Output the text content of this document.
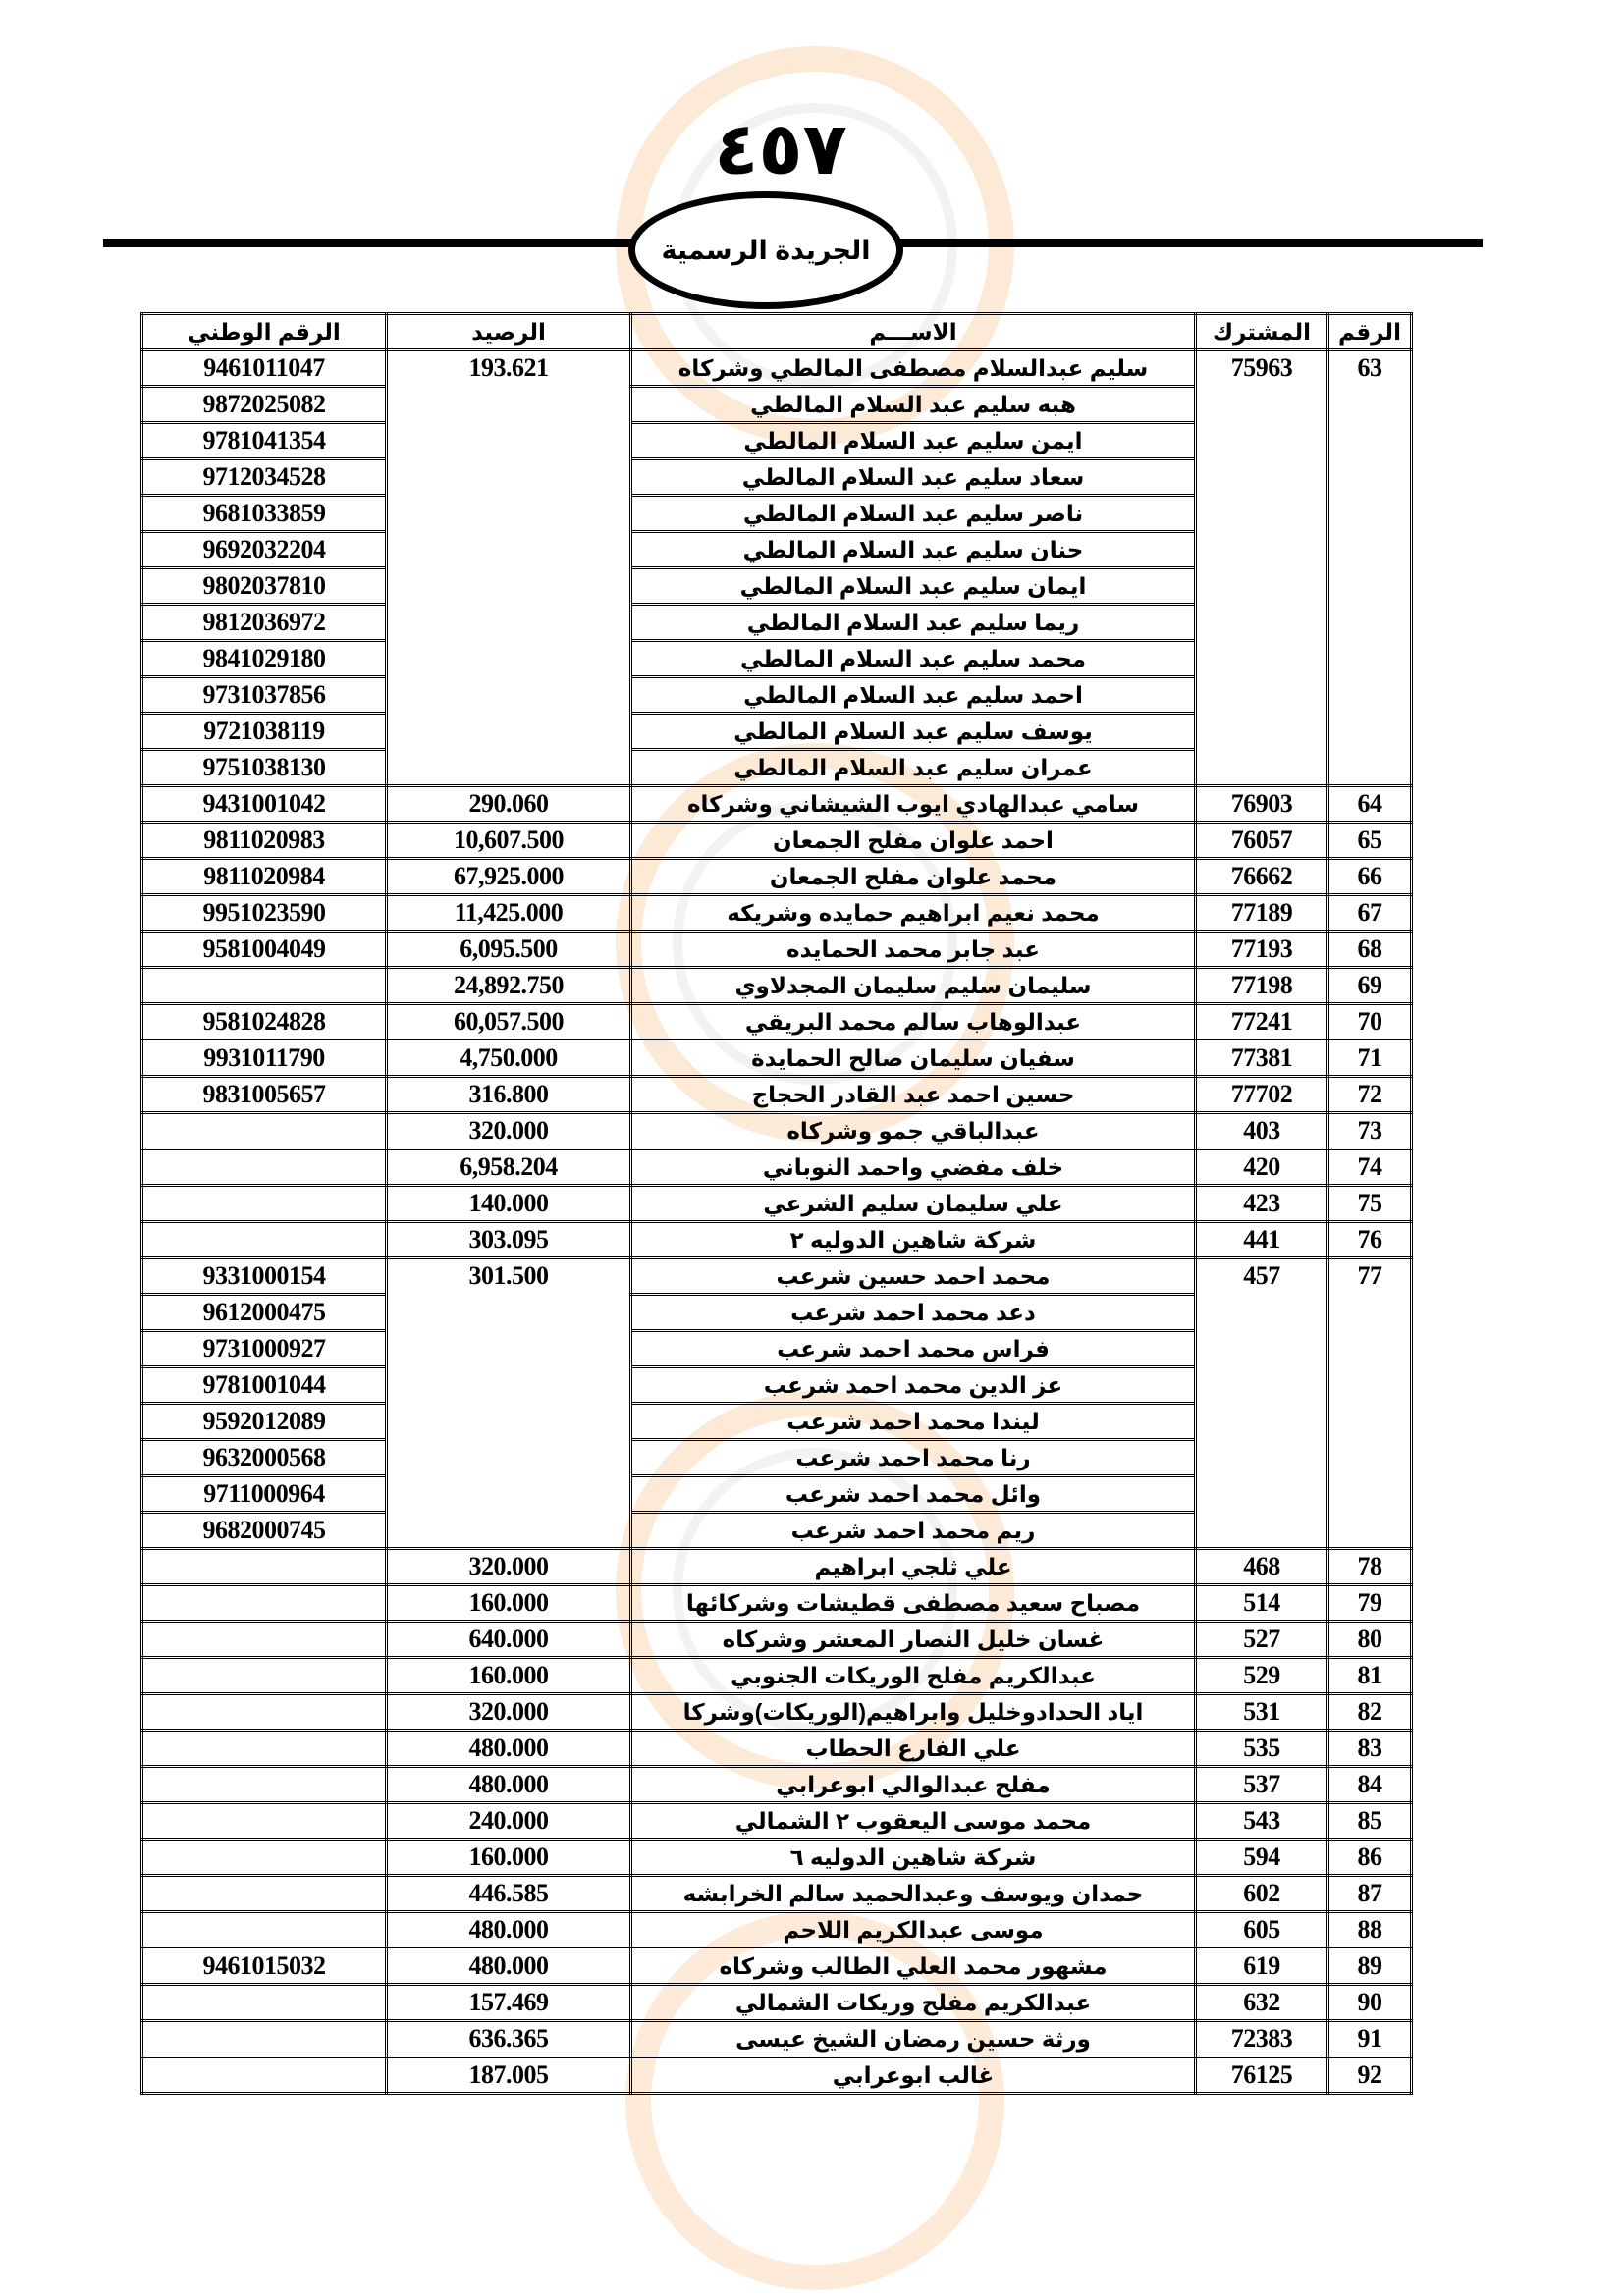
٤٥٧
الجريدة الرسمية
الرقم	المشترك	الاســـم	الرصيد	الرقم الوطني
63	75963	سليم عبدالسلام مصطفى المالطي وشركاه	193.621	9461011047
		هبه سليم عبد السلام المالطي		9872025082
		ايمن سليم عبد السلام المالطي		9781041354
		سعاد سليم عبد السلام المالطي		9712034528
		ناصر سليم عبد السلام المالطي		9681033859
		حنان سليم عبد السلام المالطي		9692032204
		ايمان سليم عبد السلام المالطي		9802037810
		ريما سليم عبد السلام المالطي		9812036972
		محمد سليم عبد السلام المالطي		9841029180
		احمد سليم عبد السلام المالطي		9731037856
		يوسف سليم عبد السلام المالطي		9721038119
		عمران سليم عبد السلام المالطي		9751038130
64	76903	سامي عبدالهادي ايوب الشيشاني وشركاه	290.060	9431001042
65	76057	احمد علوان مفلح الجمعان	10,607.500	9811020983
66	76662	محمد علوان مفلح الجمعان	67,925.000	9811020984
67	77189	محمد نعيم ابراهيم حمايده وشريكه	11,425.000	9951023590
68	77193	عبد جابر محمد الحمايده	6,095.500	9581004049
69	77198	سليمان سليم سليمان المجدلاوي	24,892.750	
70	77241	عبدالوهاب سالم محمد البريقي	60,057.500	9581024828
71	77381	سفيان سليمان صالح الحمايدة	4,750.000	9931011790
72	77702	حسين احمد عبد القادر الحجاج	316.800	9831005657
73	403	عبدالباقي جمو وشركاه	320.000	
74	420	خلف مفضي واحمد النوباني	6,958.204	
75	423	علي سليمان سليم الشرعي	140.000	
76	441	شركة شاهين الدوليه ٢	303.095	
77	457	محمد احمد حسين شرعب	301.500	9331000154
		دعد محمد احمد شرعب		9612000475
		فراس محمد احمد شرعب		9731000927
		عز الدين محمد احمد شرعب		9781001044
		ليندا محمد احمد شرعب		9592012089
		رنا محمد احمد شرعب		9632000568
		وائل محمد احمد شرعب		9711000964
		ريم محمد احمد شرعب		9682000745
78	468	علي ثلجي ابراهيم	320.000	
79	514	مصباح سعيد مصطفى قطيشات وشركائها	160.000	
80	527	غسان خليل النصار المعشر وشركاه	640.000	
81	529	عبدالكريم مفلح الوريكات الجنوبي	160.000	
82	531	اياد الحدادوخليل وابراهيم(الوريكات)وشركا	320.000	
83	535	علي الفارع الحطاب	480.000	
84	537	مفلح عبدالوالي ابوعرابي	480.000	
85	543	محمد موسى اليعقوب ٢ الشمالي	240.000	
86	594	شركة شاهين الدوليه ٦	160.000	
87	602	حمدان ويوسف وعبدالحميد سالم الخرابشه	446.585	
88	605	موسى عبدالكريم اللاحم	480.000	
89	619	مشهور محمد العلي الطالب وشركاه	480.000	9461015032
90	632	عبدالكريم مفلح وريكات الشمالي	157.469	
91	72383	ورثة حسين رمضان الشيخ عيسى	636.365	
92	76125	غالب ابوعرابي	187.005	
